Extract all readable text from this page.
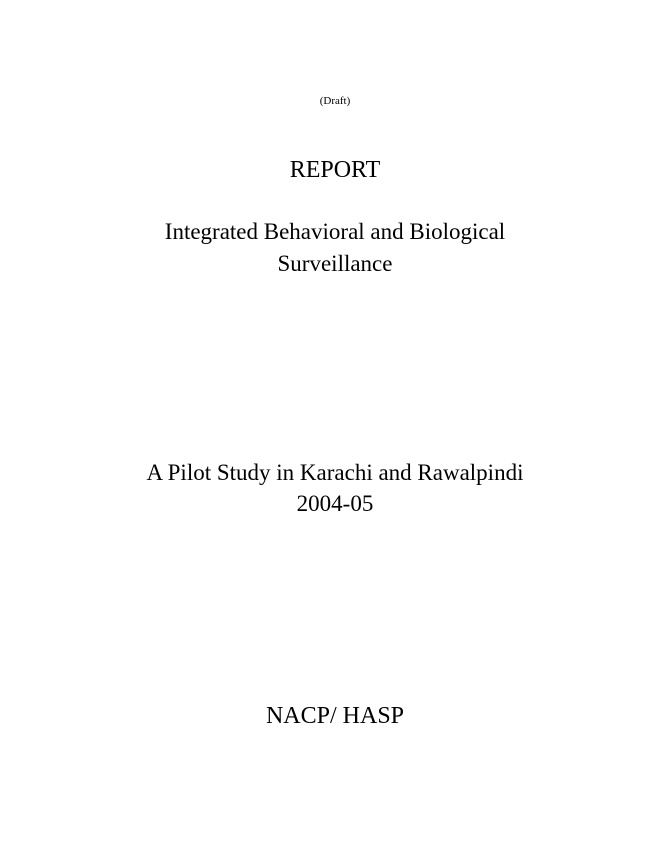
(Draft)
REPORT
Integrated Behavioral and Biological
Surveillance
A Pilot Study in Karachi and Rawalpindi
2004-05
NACP/ HASP
